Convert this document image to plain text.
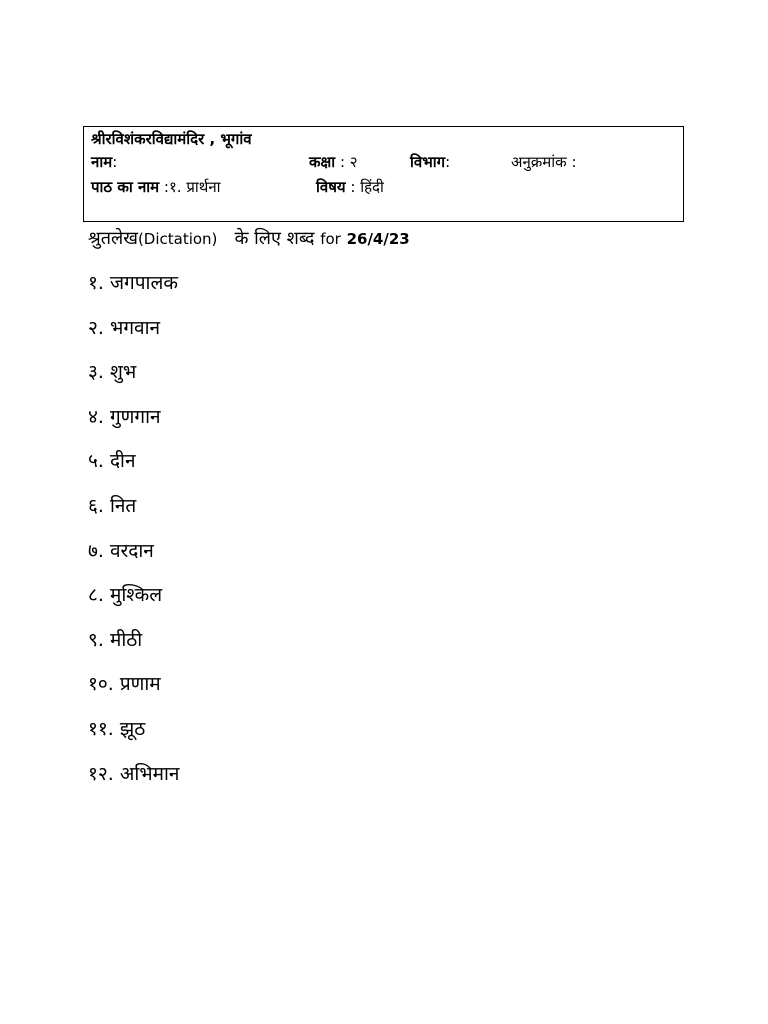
श्रीरविशंकरविद्यामंदिर , भूगांव
नाम:	कक्षा : २	विभाग:	अनुक्रमांक :
पाठ का नाम :१. प्रार्थना	विषय : हिंदी
श्रुतलेख(Dictation) के लिए शब्द for 26/4/23
१. जगपालक
२. भगवान
३. शुभ
४. गुणगान
५. दीन
६. नित
७. वरदान
८. मुश्किल
९. मीठी
१०. प्रणाम
११. झूठ
१२. अभिमान
